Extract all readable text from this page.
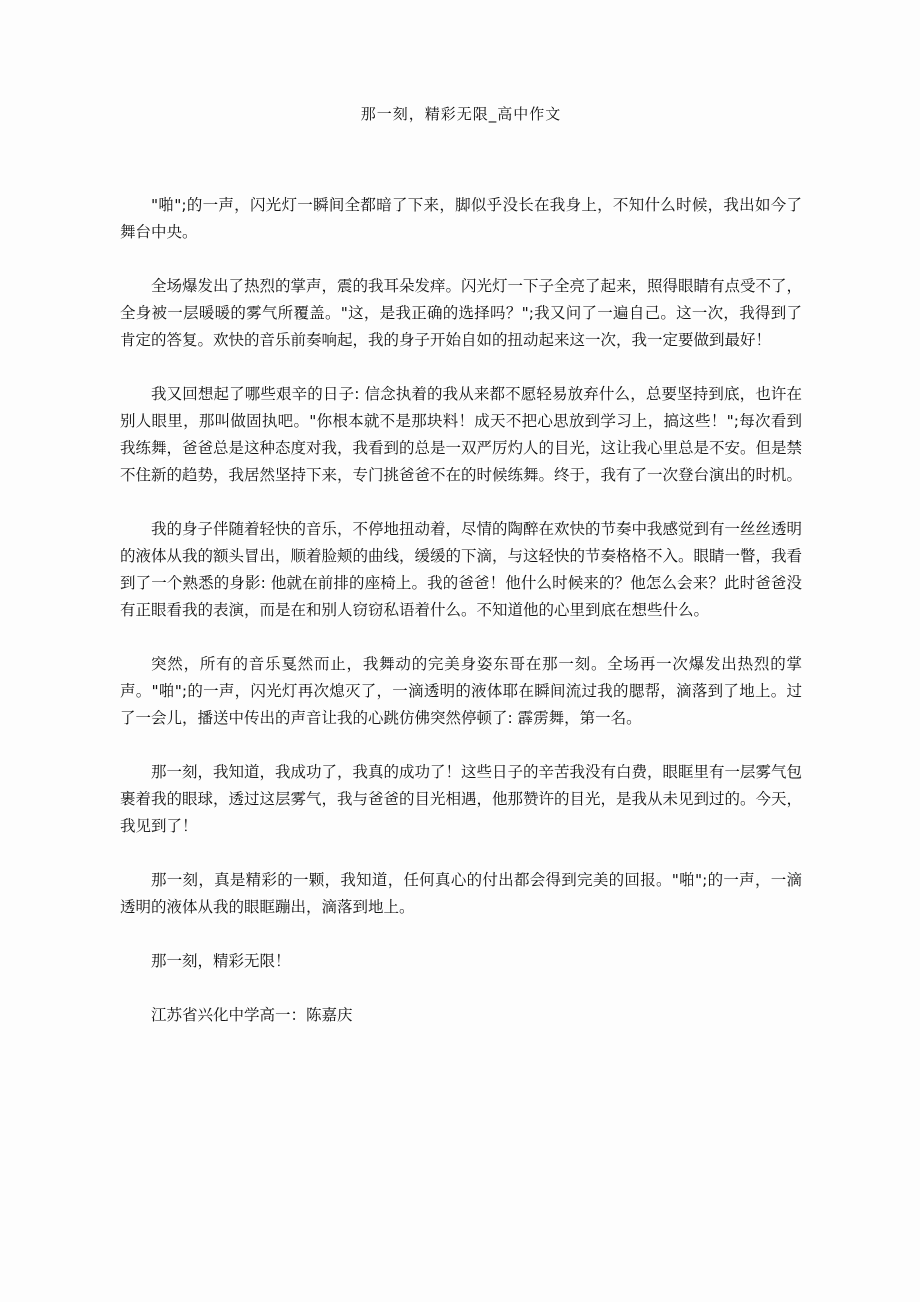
那一刻，精彩无限_高中作文

"啪";的一声，闪光灯一瞬间全都暗了下来，脚似乎没长在我身上，不知什么时候，我出如今了舞台中央。

全场爆发出了热烈的掌声，震的我耳朵发痒。闪光灯一下子全亮了起来，照得眼睛有点受不了，全身被一层暖暖的雾气所覆盖。"这，是我正确的选择吗？";我又问了一遍自己。这一次，我得到了肯定的答复。欢快的音乐前奏响起，我的身子开始自如的扭动起来这一次，我一定要做到最好！

我又回想起了哪些艰辛的日子: 信念执着的我从来都不愿轻易放弃什么，总要坚持到底，也许在别人眼里，那叫做固执吧。"你根本就不是那块料！成天不把心思放到学习上，搞这些！";每次看到我练舞，爸爸总是这种态度对我，我看到的总是一双严厉灼人的目光，这让我心里总是不安。但是禁不住新的趋势，我居然坚持下来，专门挑爸爸不在的时候练舞。终于，我有了一次登台演出的时机。

我的身子伴随着轻快的音乐，不停地扭动着，尽情的陶醉在欢快的节奏中我感觉到有一丝丝透明的液体从我的额头冒出，顺着脸颊的曲线，缓缓的下滴，与这轻快的节奏格格不入。眼睛一瞥，我看到了一个熟悉的身影: 他就在前排的座椅上。我的爸爸！他什么时候来的？他怎么会来？此时爸爸没有正眼看我的表演，而是在和别人窃窃私语着什么。不知道他的心里到底在想些什么。

突然，所有的音乐戛然而止，我舞动的完美身姿东哥在那一刻。全场再一次爆发出热烈的掌声。"啪";的一声，闪光灯再次熄灭了，一滴透明的液体耶在瞬间流过我的腮帮，滴落到了地上。过了一会儿，播送中传出的声音让我的心跳仿佛突然停顿了: 霹雳舞，第一名。

那一刻，我知道，我成功了，我真的成功了！这些日子的辛苦我没有白费，眼眶里有一层雾气包裹着我的眼球，透过这层雾气，我与爸爸的目光相遇，他那赞许的目光，是我从未见到过的。今天，我见到了！

那一刻，真是精彩的一颗，我知道，任何真心的付出都会得到完美的回报。"啪";的一声，一滴透明的液体从我的眼眶蹦出，滴落到地上。

那一刻，精彩无限！

江苏省兴化中学高一：陈嘉庆
